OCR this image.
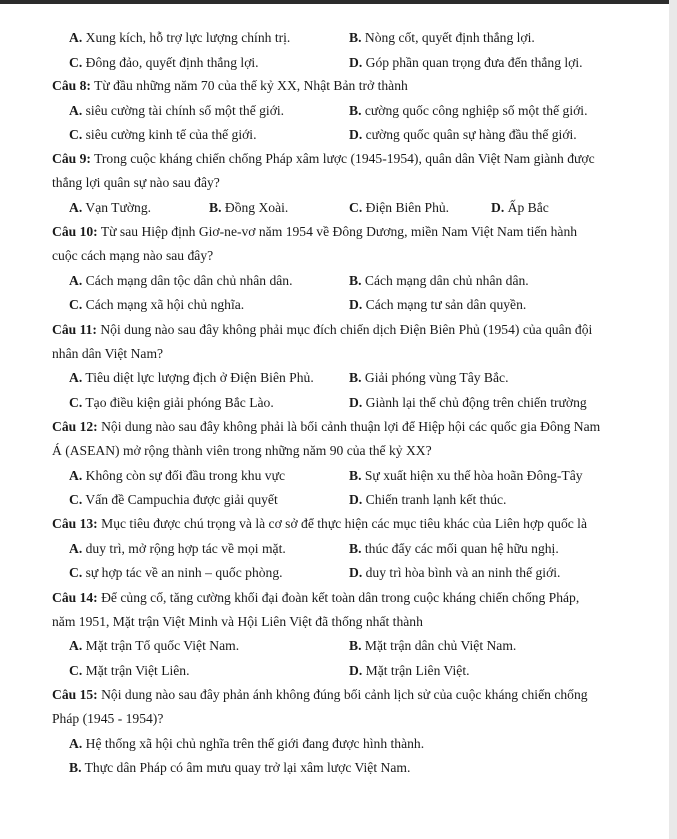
A. Xung kích, hỗ trợ lực lượng chính trị.	B. Nòng cốt, quyết định thắng lợi.
C. Đông đảo, quyết định thắng lợi.	D. Góp phần quan trọng đưa đến thắng lợi.
Câu 8: Từ đầu những năm 70 của thế kỷ XX, Nhật Bản trở thành
A. siêu cường tài chính số một thế giới.	B. cường quốc công nghiệp số một thế giới.
C. siêu cường kinh tế của thế giới.	D. cường quốc quân sự hàng đầu thế giới.
Câu 9: Trong cuộc kháng chiến chống Pháp xâm lược (1945-1954), quân dân Việt Nam giành được
thắng lợi quân sự nào sau đây?
A. Vạn Tường.	B. Đồng Xoài.	C. Điện Biên Phủ.	D. Ấp Bắc
Câu 10: Từ sau Hiệp định Giơ-ne-vơ năm 1954 về Đông Dương, miền Nam Việt Nam tiến hành
cuộc cách mạng nào sau đây?
A. Cách mạng dân tộc dân chủ nhân dân.	B. Cách mạng dân chủ nhân dân.
C. Cách mạng xã hội chủ nghĩa.	D. Cách mạng tư sản dân quyền.
Câu 11: Nội dung nào sau đây không phải mục đích chiến dịch Điện Biên Phủ (1954) của quân đội
nhân dân Việt Nam?
A. Tiêu diệt lực lượng địch ở Điện Biên Phủ.	B. Giải phóng vùng Tây Bắc.
C. Tạo điều kiện giải phóng Bắc Lào.	D. Giành lại thế chủ động trên chiến trường
Câu 12: Nội dung nào sau đây không phải là bối cảnh thuận lợi để Hiệp hội các quốc gia Đông Nam
Á (ASEAN) mở rộng thành viên trong những năm 90 của thế kỷ XX?
A. Không còn sự đối đầu trong khu vực	B. Sự xuất hiện xu thế hòa hoãn Đông-Tây
C. Vấn đề Campuchia được giải quyết	D. Chiến tranh lạnh kết thúc.
Câu 13: Mục tiêu được chú trọng và là cơ sở để thực hiện các mục tiêu khác của Liên hợp quốc là
A. duy trì, mở rộng hợp tác về mọi mặt.	B. thúc đẩy các mối quan hệ hữu nghị.
C. sự hợp tác về an ninh – quốc phòng.	D. duy trì hòa bình và an ninh thế giới.
Câu 14: Để củng cố, tăng cường khối đại đoàn kết toàn dân trong cuộc kháng chiến chống Pháp,
năm 1951, Mặt trận Việt Minh và Hội Liên Việt đã thống nhất thành
A. Mặt trận Tổ quốc Việt Nam.	B. Mặt trận dân chủ Việt Nam.
C. Mặt trận Việt Liên.	D. Mặt trận Liên Việt.
Câu 15: Nội dung nào sau đây phản ánh không đúng bối cảnh lịch sử của cuộc kháng chiến chống
Pháp (1945 - 1954)?
A. Hệ thống xã hội chủ nghĩa trên thế giới đang được hình thành.
B. Thực dân Pháp có âm mưu quay trở lại xâm lược Việt Nam.
